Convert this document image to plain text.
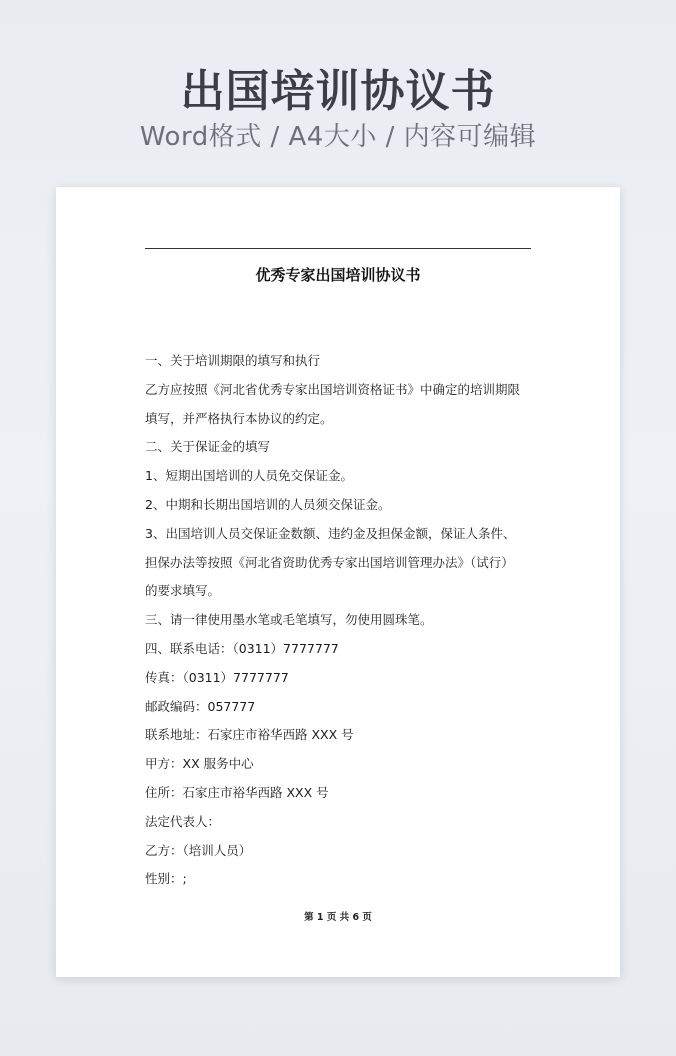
出国培训协议书
Word格式 / A4大小 / 内容可编辑
优秀专家出国培训协议书
一、关于培训期限的填写和执行
乙方应按照《河北省优秀专家出国培训资格证书》中确定的培训期限
填写，并严格执行本协议的约定。
二、关于保证金的填写
1、短期出国培训的人员免交保证金。
2、中期和长期出国培训的人员须交保证金。
3、出国培训人员交保证金数额、违约金及担保金额，保证人条件、
担保办法等按照《河北省资助优秀专家出国培训管理办法》（试行）
的要求填写。
三、请一律使用墨水笔或毛笔填写，勿使用圆珠笔。
四、联系电话：（0311）7777777
传真：（0311）7777777
邮政编码：057777
联系地址：石家庄市裕华西路 XXX 号
甲方：XX 服务中心
住所：石家庄市裕华西路 XXX 号
法定代表人：
乙方：（培训人员）
性别：;
第 1 页 共 6 页
